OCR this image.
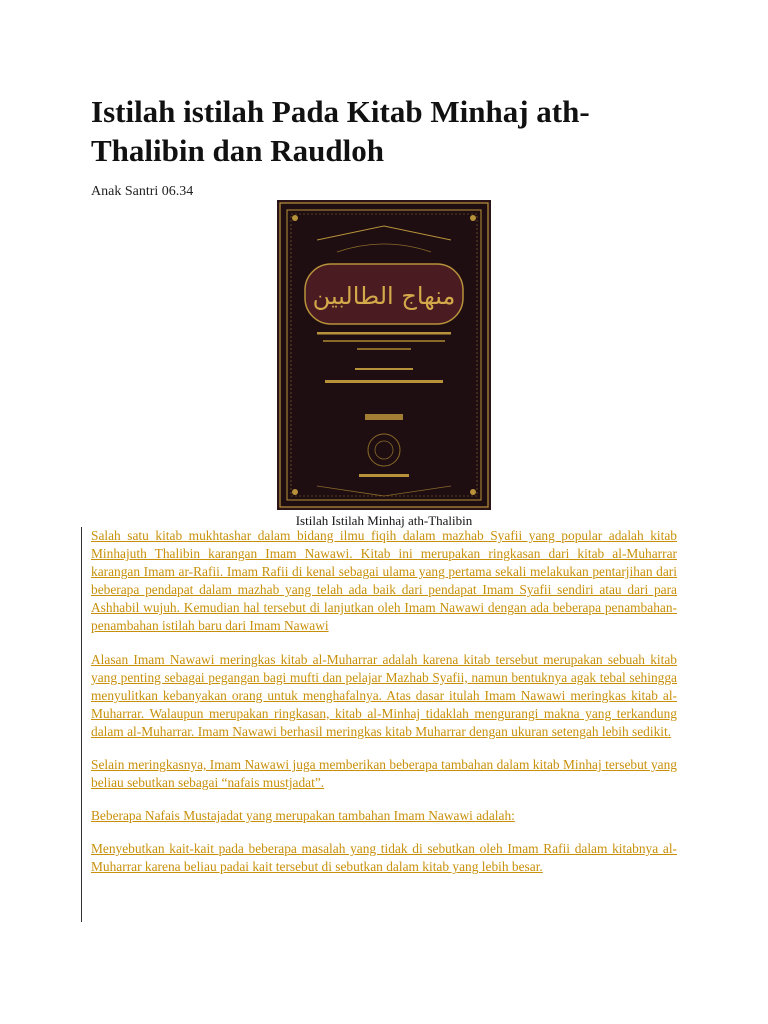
Istilah istilah Pada Kitab Minhaj ath-Thalibin dan Raudloh
Anak Santri 06.34
منهاج الطالبين
Istilah Istilah Minhaj ath-Thalibin

Salah satu kitab mukhtashar dalam bidang ilmu fiqih dalam mazhab Syafii yang popular adalah kitab Minhajuth Thalibin karangan Imam Nawawi. Kitab ini merupakan ringkasan dari kitab al-Muharrar karangan Imam ar-Rafii. Imam Rafii di kenal sebagai ulama yang pertama sekali melakukan pentarjihan dari beberapa pendapat dalam mazhab yang telah ada baik dari pendapat Imam Syafii sendiri atau dari para Ashhabil wujuh. Kemudian hal tersebut di lanjutkan oleh Imam Nawawi dengan ada beberapa penambahan-penambahan istilah baru dari Imam Nawawi

Alasan Imam Nawawi meringkas kitab al-Muharrar adalah karena kitab tersebut merupakan sebuah kitab yang penting sebagai pegangan bagi mufti dan pelajar Mazhab Syafii, namun bentuknya agak tebal sehingga menyulitkan kebanyakan orang untuk menghafalnya. Atas dasar itulah Imam Nawawi meringkas kitab al-Muharrar. Walaupun merupakan ringkasan, kitab al-Minhaj tidaklah mengurangi makna yang terkandung dalam al-Muharrar. Imam Nawawi berhasil meringkas kitab Muharrar dengan ukuran setengah lebih sedikit.

Selain meringkasnya, Imam Nawawi juga memberikan beberapa tambahan dalam kitab Minhaj tersebut yang beliau sebutkan sebagai “nafais mustjadat”.

Beberapa Nafais Mustajadat yang merupakan tambahan Imam Nawawi adalah:

Menyebutkan kait-kait pada beberapa masalah yang tidak di sebutkan oleh Imam Rafii dalam kitabnya al-Muharrar karena beliau padai kait tersebut di sebutkan dalam kitab yang lebih besar.
